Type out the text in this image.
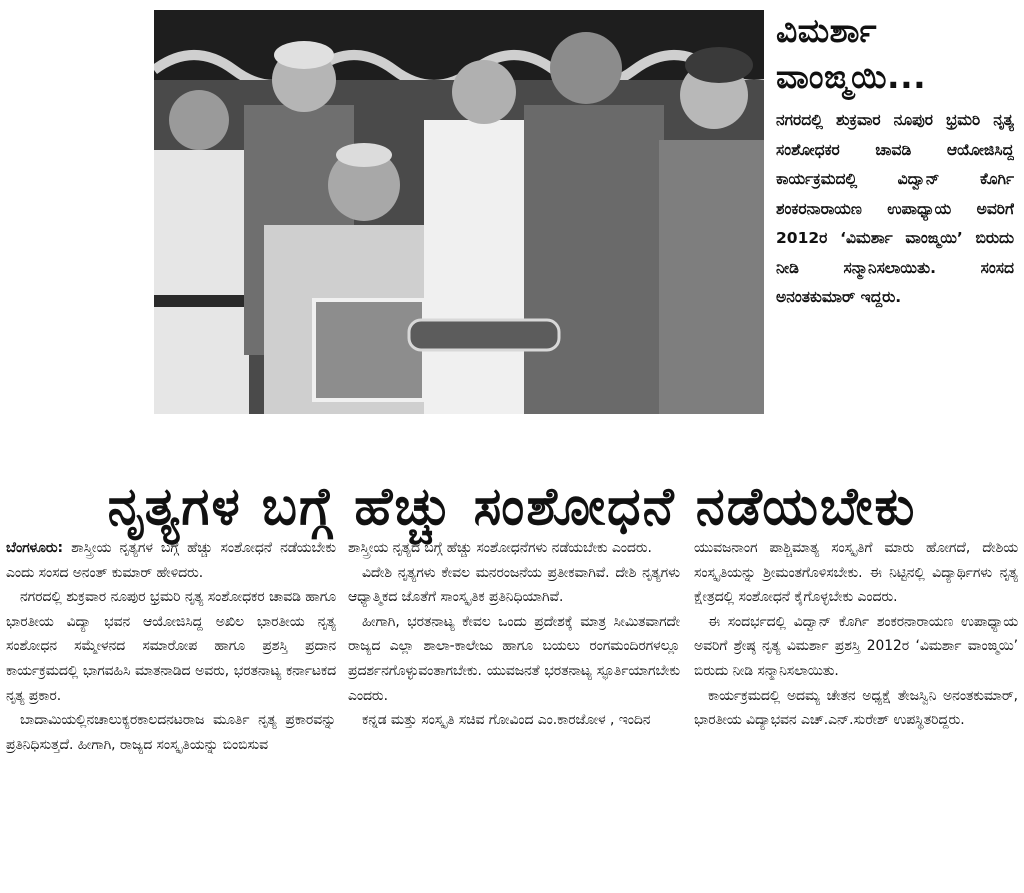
ವಿಮರ್ಶಾ
ವಾಂಙ್ಮಯಿ...

ನಗರದಲ್ಲಿ ಶುಕ್ರವಾರ ನೂಪುರ ಭ್ರಮರಿ ನೃತ್ಯ ಸಂಶೋಧಕರ ಚಾವಡಿ ಆಯೋಜಿಸಿದ್ದ ಕಾರ್ಯಕ್ರಮದಲ್ಲಿ ವಿದ್ವಾನ್ ಕೊರ್ಗಿ ಶಂಕರನಾರಾಯಣ ಉಪಾಧ್ಯಾಯ ಅವರಿಗೆ 2012ರ ‘ವಿಮರ್ಶಾ ವಾಂಙ್ಮಯಿ’ ಬಿರುದು ನೀಡಿ ಸನ್ಮಾನಿಸಲಾಯಿತು. ಸಂಸದ ಅನಂತಕುಮಾರ್ ಇದ್ದರು.

ನೃತ್ಯಗಳ ಬಗ್ಗೆ ಹೆಚ್ಚು ಸಂಶೋಧನೆ ನಡೆಯಬೇಕು

ಬೆಂಗಳೂರು: ಶಾಸ್ತ್ರೀಯ ನೃತ್ಯಗಳ ಬಗ್ಗೆ ಹೆಚ್ಚು ಸಂಶೋಧನೆ ನಡೆಯಬೇಕು ಎಂದು ಸಂಸದ ಅನಂತ್ ಕುಮಾರ್ ಹೇಳಿದರು.

ನಗರದಲ್ಲಿ ಶುಕ್ರವಾರ ನೂಪುರ ಭ್ರಮರಿ ನೃತ್ಯ ಸಂಶೋಧಕರ ಚಾವಡಿ ಹಾಗೂ ಭಾರತೀಯ ವಿದ್ಯಾ ಭವನ ಆಯೋಜಿಸಿದ್ದ ಅಖಿಲ ಭಾರತೀಯ ನೃತ್ಯ ಸಂಶೋಧನ ಸಮ್ಮೇಳನದ ಸಮಾರೋಪ ಹಾಗೂ ಪ್ರಶಸ್ತಿ ಪ್ರದಾನ ಕಾರ್ಯಕ್ರಮದಲ್ಲಿ ಭಾಗವಹಿಸಿ ಮಾತನಾಡಿದ ಅವರು, ಭರತನಾಟ್ಯ ಕರ್ನಾಟಕದ ನೃತ್ಯ ಪ್ರಕಾರ.

ಬಾದಾಮಿಯಲ್ಲಿನಚಾಲುಕ್ಯರಕಾಲದನಟರಾಜ ಮೂರ್ತಿ ನೃತ್ಯ ಪ್ರಕಾರವನ್ನು ಪ್ರತಿನಿಧಿಸುತ್ತದೆ. ಹೀಗಾಗಿ, ರಾಜ್ಯದ ಸಂಸ್ಕೃತಿಯನ್ನು ಬಿಂಬಿಸುವ

ಶಾಸ್ತ್ರೀಯ ನೃತ್ಯದ ಬಗ್ಗೆ ಹೆಚ್ಚು ಸಂಶೋಧನೆಗಳು ನಡೆಯಬೇಕು ಎಂದರು.

ವಿದೇಶಿ ನೃತ್ಯಗಳು ಕೇವಲ ಮನರಂಜನೆಯ ಪ್ರತೀಕವಾಗಿವೆ. ದೇಶಿ ನೃತ್ಯಗಳು ಆಧ್ಯಾತ್ಮಿಕದ ಜೊತೆಗೆ ಸಾಂಸ್ಕೃತಿಕ ಪ್ರತಿನಿಧಿಯಾಗಿವೆ.

ಹೀಗಾಗಿ, ಭರತನಾಟ್ಯ ಕೇವಲ ಒಂದು ಪ್ರದೇಶಕ್ಕೆ ಮಾತ್ರ ಸೀಮಿತವಾಗದೇ ರಾಜ್ಯದ ಎಲ್ಲಾ ಶಾಲಾ-ಕಾಲೇಜು ಹಾಗೂ ಬಯಲು ರಂಗಮಂದಿರಗಳಲ್ಲೂ ಪ್ರದರ್ಶನಗೊಳ್ಳುವಂತಾಗಬೇಕು. ಯುವಜನತೆ ಭರತನಾಟ್ಯ ಸ್ಫೂರ್ತಿಯಾಗಬೇಕು ಎಂದರು.

ಕನ್ನಡ ಮತ್ತು ಸಂಸ್ಕೃತಿ ಸಚಿವ ಗೋವಿಂದ ಎಂ.ಕಾರಜೋಳ , ಇಂದಿನ

ಯುವಜನಾಂಗ ಪಾಶ್ಚಿಮಾತ್ಯ ಸಂಸ್ಕೃತಿಗೆ ಮಾರು ಹೋಗದೆ, ದೇಶಿಯ ಸಂಸ್ಕೃತಿಯನ್ನು ಶ್ರೀಮಂತಗೊಳಿಸಬೇಕು. ಈ ನಿಟ್ಟಿನಲ್ಲಿ ವಿದ್ಯಾರ್ಥಿಗಳು ನೃತ್ಯ ಕ್ಷೇತ್ರದಲ್ಲಿ ಸಂಶೋಧನೆ ಕೈಗೊಳ್ಳಬೇಕು ಎಂದರು.

ಈ ಸಂದರ್ಭದಲ್ಲಿ ವಿದ್ವಾನ್ ಕೊರ್ಗಿ ಶಂಕರನಾರಾಯಣ ಉಪಾಧ್ಯಾಯ ಅವರಿಗೆ ಶ್ರೇಷ್ಠ ನೃತ್ಯ ವಿಮರ್ಶಾ ಪ್ರಶಸ್ತಿ 2012ರ ‘ವಿಮರ್ಶಾ ವಾಂಙ್ಮಯಿ’ ಬಿರುದು ನೀಡಿ ಸನ್ಮಾನಿಸಲಾಯಿತು.

ಕಾರ್ಯಕ್ರಮದಲ್ಲಿ ಅದಮ್ಯ ಚೇತನ ಅಧ್ಯಕ್ಷೆ ತೇಜಸ್ವಿನಿ ಅನಂತಕುಮಾರ್, ಭಾರತೀಯ ವಿದ್ಯಾಭವನ ಎಚ್.ಎನ್.ಸುರೇಶ್ ಉಪಸ್ಥಿತರಿದ್ದರು.
